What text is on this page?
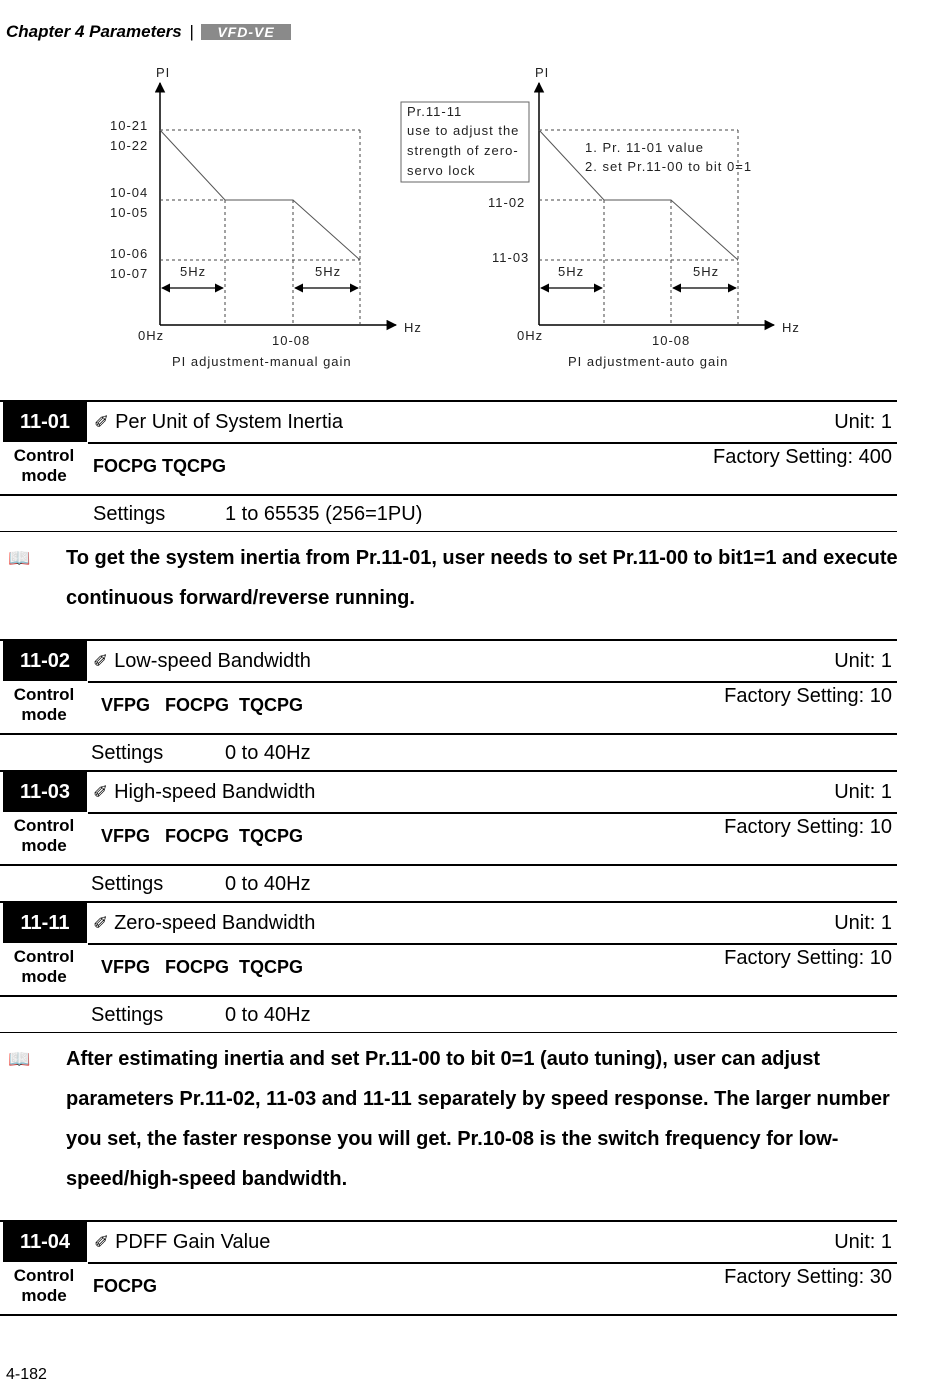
Chapter 4 Parameters |	VFD-VE
PI
Hz
0Hz	10-08
10-21
10-22
10-04
10-05
10-06
10-07 5Hz	5Hz
PI adjustment-manual gain
PI
Hz
0Hz	10-08
11-02
11-03
5Hz	5Hz
PI adjustment-auto gain
Pr.11-11
use to adjust the
strength of zero-
servo lock
1. Pr. 11-01 value
2. set Pr.11-00 to bit 0=1
11-01	✐ Per Unit of System Inertia	Unit: 1
Control
mode	FOCPG TQCPG	Factory Setting: 400
Settings	1 to 65535 (256=1PU)
📖 To get the system inertia from Pr.11-01, user needs to set Pr.11-00 to bit1=1 and execute continuous forward/reverse running.
11-02	✐ Low-speed Bandwidth	Unit: 1
Control
mode	VFPG   FOCPG  TQCPG	Factory Setting: 10
Settings	0 to 40Hz
11-03	✐ High-speed Bandwidth	Unit: 1
Control
mode	VFPG   FOCPG  TQCPG	Factory Setting: 10
Settings	0 to 40Hz
11-11	✐ Zero-speed Bandwidth	Unit: 1
Control
mode	VFPG   FOCPG  TQCPG	Factory Setting: 10
Settings	0 to 40Hz
📖 After estimating inertia and set Pr.11-00 to bit 0=1 (auto tuning), user can adjust parameters Pr.11-02, 11-03 and 11-11 separately by speed response. The larger number you set, the faster response you will get. Pr.10-08 is the switch frequency for low-speed/high-speed bandwidth.
11-04	✐ PDFF Gain Value	Unit: 1
Control
mode	FOCPG	Factory Setting: 30
4-182
